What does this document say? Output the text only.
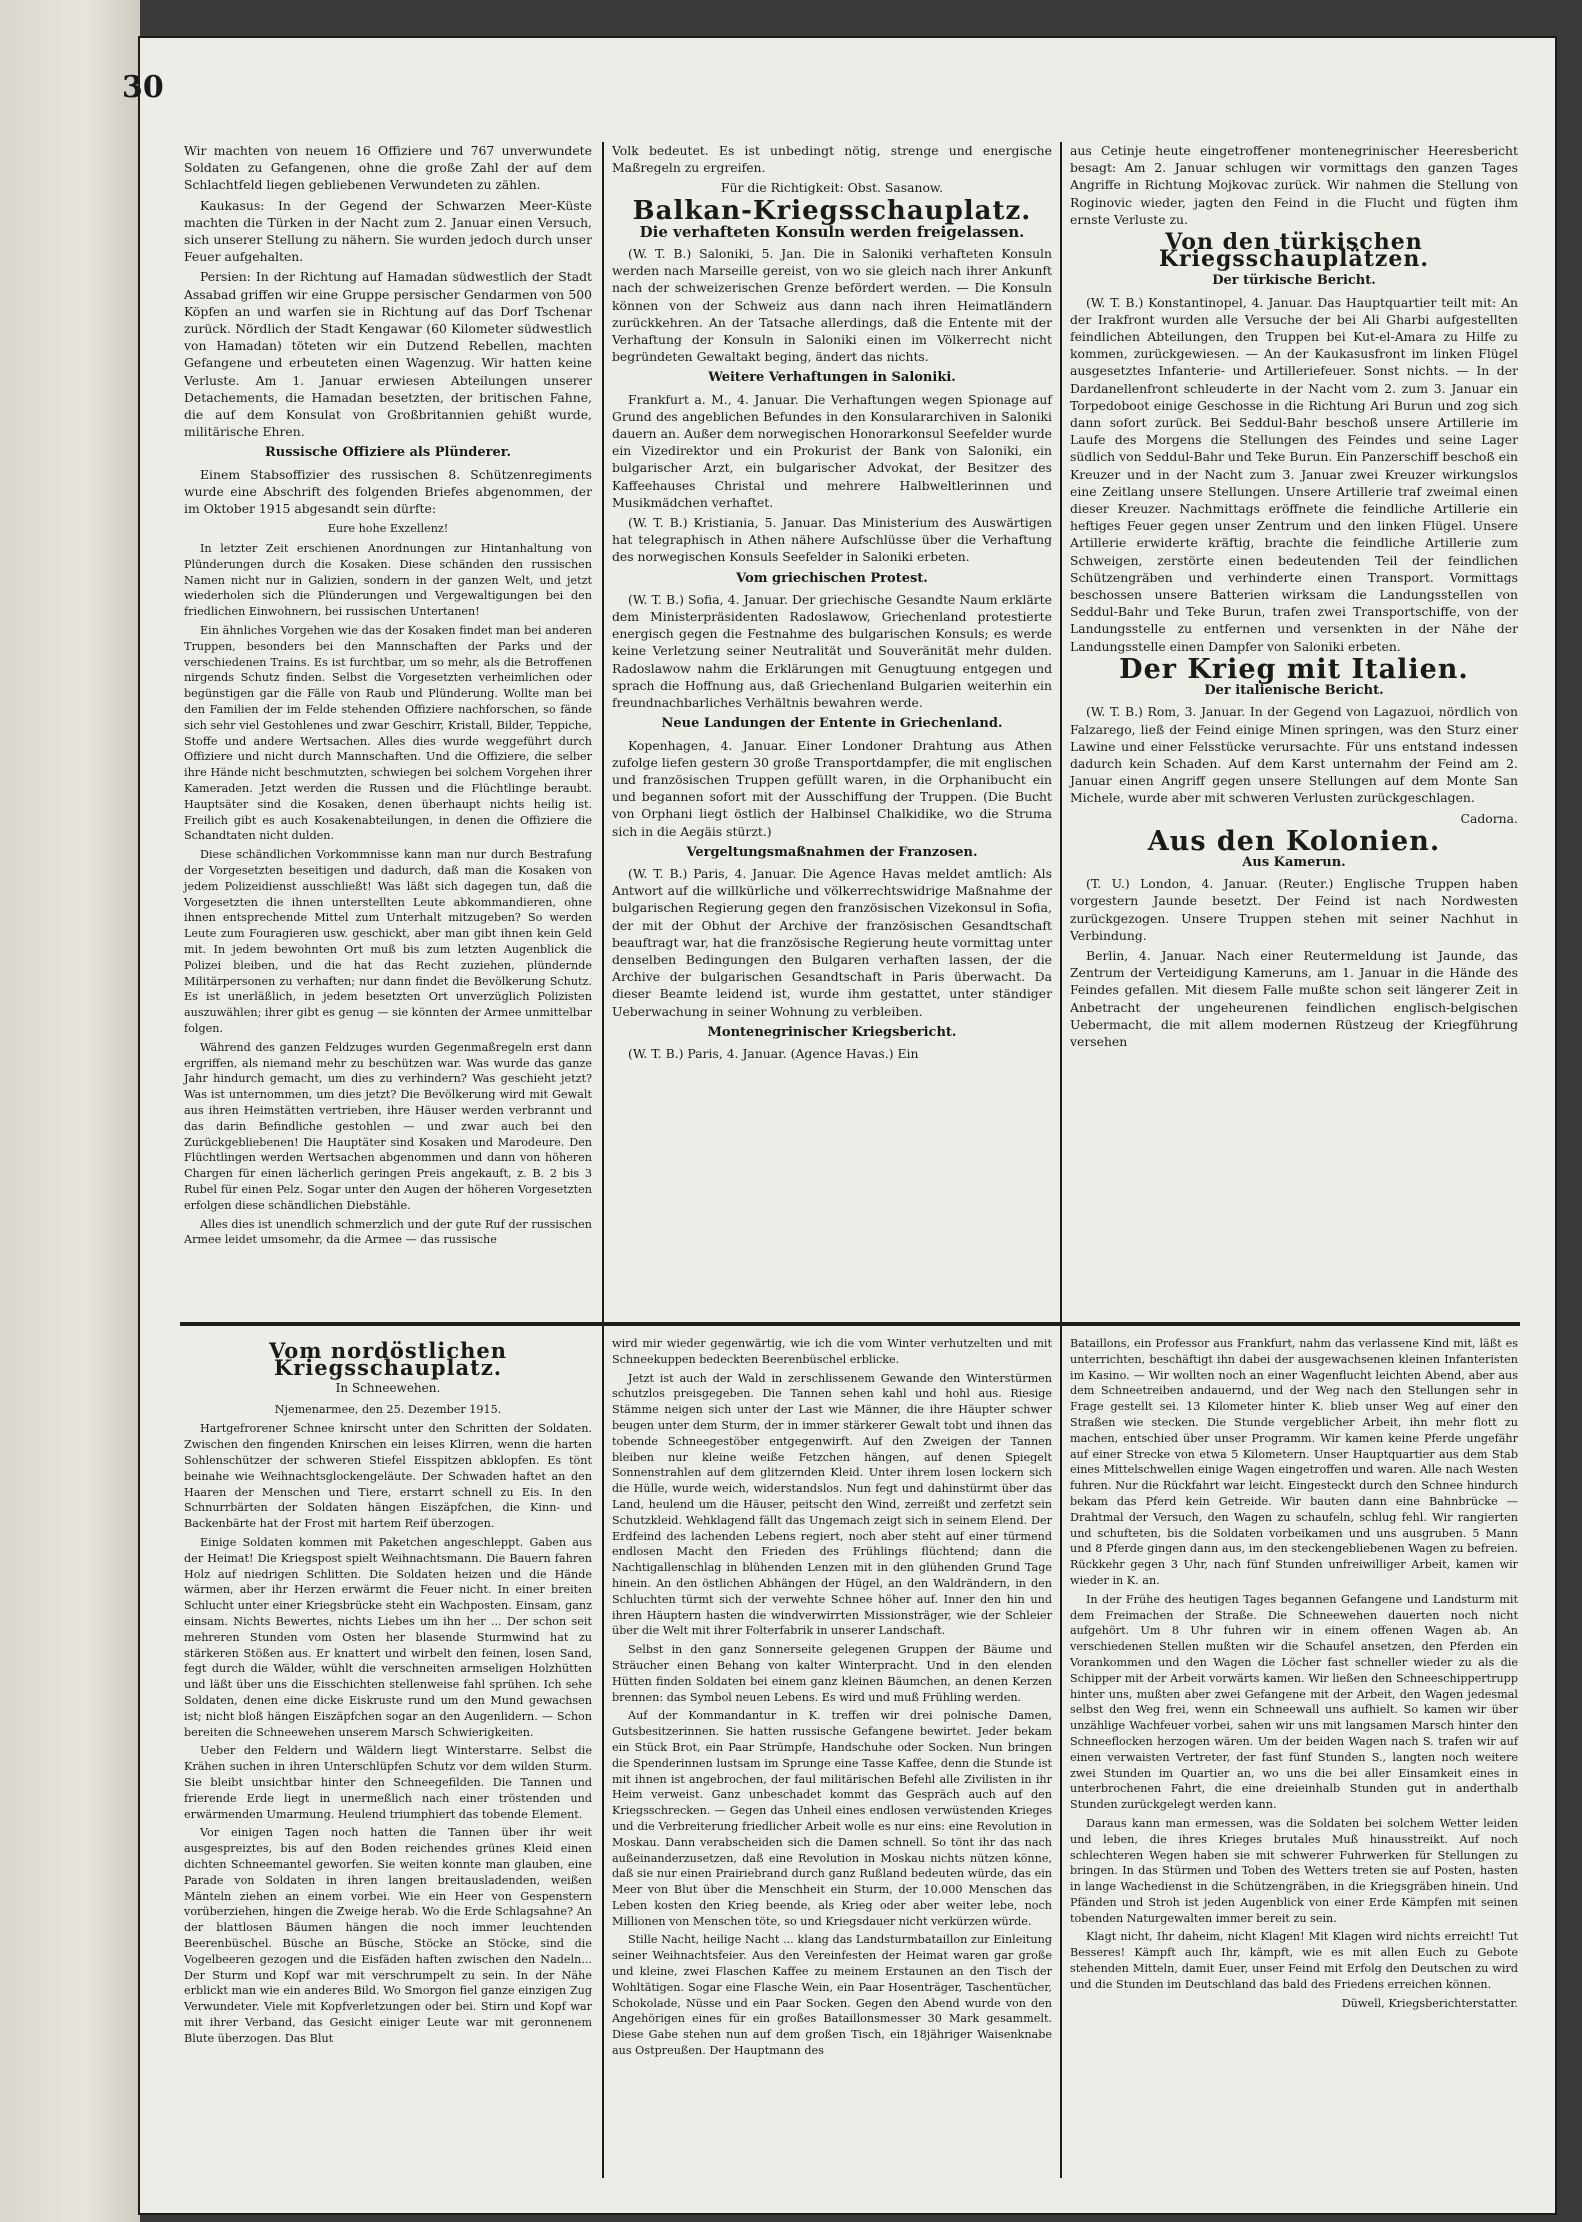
30

Wir machten von neuem 16 Offiziere und 767 unverwundete Soldaten zu Gefangenen, ohne die große Zahl der auf dem Schlachtfeld liegen gebliebenen Verwundeten zu zählen.

Kaukasus: In der Gegend der Schwarzen Meer-Küste machten die Türken in der Nacht zum 2. Januar einen Versuch, sich unserer Stellung zu nähern. Sie wurden jedoch durch unser Feuer aufgehalten.

Persien: In der Richtung auf Hamadan südwestlich der Stadt Assabad griffen wir eine Gruppe persischer Gendarmen von 500 Köpfen an und warfen sie in Richtung auf das Dorf Tschenar zurück. Nördlich der Stadt Kengawar (60 Kilometer südwestlich von Hamadan) töteten wir ein Dutzend Rebellen, machten Gefangene und erbeuteten einen Wagenzug. Wir hatten keine Verluste. Am 1. Januar erwiesen Abteilungen unserer Detachements, die Hamadan besetzten, der britischen Fahne, die auf dem Konsulat von Großbritannien gehißt wurde, militärische Ehren.

Russische Offiziere als Plünderer.

Einem Stabsoffizier des russischen 8. Schützenregiments wurde eine Abschrift des folgenden Briefes abgenommen, der im Oktober 1915 abgesandt sein dürfte:

Eure hohe Exzellenz!

In letzter Zeit erschienen Anordnungen zur Hintanhaltung von Plünderungen durch die Kosaken. Diese schänden den russischen Namen nicht nur in Galizien, sondern in der ganzen Welt, und jetzt wiederholen sich die Plünderungen und Vergewaltigungen bei den friedlichen Einwohnern, bei russischen Untertanen!

Ein ähnliches Vorgehen wie das der Kosaken findet man bei anderen Truppen, besonders bei den Mannschaften der Parks und der verschiedenen Trains. Es ist furchtbar, um so mehr, als die Betroffenen nirgends Schutz finden. Selbst die Vorgesetzten verheimlichen oder begünstigen gar die Fälle von Raub und Plünderung. Wollte man bei den Familien der im Felde stehenden Offiziere nachforschen, so fände sich sehr viel Gestohlenes und zwar Geschirr, Kristall, Bilder, Teppiche, Stoffe und andere Wertsachen. Alles dies wurde weggeführt durch Offiziere und nicht durch Mannschaften. Und die Offiziere, die selber ihre Hände nicht beschmutzten, schwiegen bei solchem Vorgehen ihrer Kameraden. Jetzt werden die Russen und die Flüchtlinge beraubt. Hauptsäter sind die Kosaken, denen überhaupt nichts heilig ist. Freilich gibt es auch Kosakenabteilungen, in denen die Offiziere die Schandtaten nicht dulden.

Diese schändlichen Vorkommnisse kann man nur durch Bestrafung der Vorgesetzten beseitigen und dadurch, daß man die Kosaken von jedem Polizeidienst ausschließt! Was läßt sich dagegen tun, daß die Vorgesetzten die ihnen unterstellten Leute abkommandieren, ohne ihnen entsprechende Mittel zum Unterhalt mitzugeben? So werden Leute zum Fouragieren usw. geschickt, aber man gibt ihnen kein Geld mit. In jedem bewohnten Ort muß bis zum letzten Augenblick die Polizei bleiben, und die hat das Recht zuziehen, plündernde Militärpersonen zu verhaften; nur dann findet die Bevölkerung Schutz. Es ist unerläßlich, in jedem besetzten Ort unverzüglich Polizisten auszuwählen; ihrer gibt es genug — sie könnten der Armee unmittelbar folgen.

Während des ganzen Feldzuges wurden Gegenmaßregeln erst dann ergriffen, als niemand mehr zu beschützen war. Was wurde das ganze Jahr hindurch gemacht, um dies zu verhindern? Was geschieht jetzt? Was ist unternommen, um dies jetzt? Die Bevölkerung wird mit Gewalt aus ihren Heimstätten vertrieben, ihre Häuser werden verbrannt und das darin Befindliche gestohlen — und zwar auch bei den Zurückgebliebenen! Die Hauptäter sind Kosaken und Marodeure. Den Flüchtlingen werden Wertsachen abgenommen und dann von höheren Chargen für einen lächerlich geringen Preis angekauft, z. B. 2 bis 3 Rubel für einen Pelz. Sogar unter den Augen der höheren Vorgesetzten erfolgen diese schändlichen Diebstähle.

Alles dies ist unendlich schmerzlich und der gute Ruf der russischen Armee leidet umsomehr, da die Armee — das russische

Volk bedeutet. Es ist unbedingt nötig, strenge und energische Maßregeln zu ergreifen.

Für die Richtigkeit: Obst. Sasanow.
Balkan-Kriegsschauplatz.
Die verhafteten Konsuln werden freigelassen.

(W. T. B.) Saloniki, 5. Jan. Die in Saloniki verhafteten Konsuln werden nach Marseille gereist, von wo sie gleich nach ihrer Ankunft nach der schweizerischen Grenze befördert werden. — Die Konsuln können von der Schweiz aus dann nach ihren Heimatländern zurückkehren. An der Tatsache allerdings, daß die Entente mit der Verhaftung der Konsuln in Saloniki einen im Völkerrecht nicht begründeten Gewaltakt beging, ändert das nichts.

Weitere Verhaftungen in Saloniki.

Frankfurt a. M., 4. Januar. Die Verhaftungen wegen Spionage auf Grund des angeblichen Befundes in den Konsulararchiven in Saloniki dauern an. Außer dem norwegischen Honorarkonsul Seefelder wurde ein Vizedirektor und ein Prokurist der Bank von Saloniki, ein bulgarischer Arzt, ein bulgarischer Advokat, der Besitzer des Kaffeehauses Christal und mehrere Halbweltlerinnen und Musikmädchen verhaftet.

(W. T. B.) Kristiania, 5. Januar. Das Ministerium des Auswärtigen hat telegraphisch in Athen nähere Aufschlüsse über die Verhaftung des norwegischen Konsuls Seefelder in Saloniki erbeten.

Vom griechischen Protest.

(W. T. B.) Sofia, 4. Januar. Der griechische Gesandte Naum erklärte dem Ministerpräsidenten Radoslawow, Griechenland protestierte energisch gegen die Festnahme des bulgarischen Konsuls; es werde keine Verletzung seiner Neutralität und Souveränität mehr dulden. Radoslawow nahm die Erklärungen mit Genugtuung entgegen und sprach die Hoffnung aus, daß Griechenland Bulgarien weiterhin ein freundnachbarliches Verhältnis bewahren werde.

Neue Landungen der Entente in Griechenland.

Kopenhagen, 4. Januar. Einer Londoner Drahtung aus Athen zufolge liefen gestern 30 große Transportdampfer, die mit englischen und französischen Truppen gefüllt waren, in die Orphanibucht ein und begannen sofort mit der Ausschiffung der Truppen. (Die Bucht von Orphani liegt östlich der Halbinsel Chalkidike, wo die Struma sich in die Aegäis stürzt.)

Vergeltungsmaßnahmen der Franzosen.

(W. T. B.) Paris, 4. Januar. Die Agence Havas meldet amtlich: Als Antwort auf die willkürliche und völkerrechtswidrige Maßnahme der bulgarischen Regierung gegen den französischen Vizekonsul in Sofia, der mit der Obhut der Archive der französischen Gesandtschaft beauftragt war, hat die französische Regierung heute vormittag unter denselben Bedingungen den Bulgaren verhaften lassen, der die Archive der bulgarischen Gesandtschaft in Paris überwacht. Da dieser Beamte leidend ist, wurde ihm gestattet, unter ständiger Ueberwachung in seiner Wohnung zu verbleiben.

Montenegrinischer Kriegsbericht.

(W. T. B.) Paris, 4. Januar. (Agence Havas.) Ein

aus Cetinje heute eingetroffener montenegrinischer Heeresbericht besagt: Am 2. Januar schlugen wir vormittags den ganzen Tages Angriffe in Richtung Mojkovac zurück. Wir nahmen die Stellung von Roginovic wieder, jagten den Feind in die Flucht und fügten ihm ernste Verluste zu.

Von den türkischen Kriegsschauplätzen.
Der türkische Bericht.

(W. T. B.) Konstantinopel, 4. Januar. Das Hauptquartier teilt mit: An der Irakfront wurden alle Versuche der bei Ali Gharbi aufgestellten feindlichen Abteilungen, den Truppen bei Kut-el-Amara zu Hilfe zu kommen, zurückgewiesen. — An der Kaukasusfront im linken Flügel ausgesetztes Infanterie- und Artilleriefeuer. Sonst nichts. — In der Dardanellenfront schleuderte in der Nacht vom 2. zum 3. Januar ein Torpedoboot einige Geschosse in die Richtung Ari Burun und zog sich dann sofort zurück. Bei Seddul-Bahr beschoß unsere Artillerie im Laufe des Morgens die Stellungen des Feindes und seine Lager südlich von Seddul-Bahr und Teke Burun. Ein Panzerschiff beschoß ein Kreuzer und in der Nacht zum 3. Januar zwei Kreuzer wirkungslos eine Zeitlang unsere Stellungen. Unsere Artillerie traf zweimal einen dieser Kreuzer. Nachmittags eröffnete die feindliche Artillerie ein heftiges Feuer gegen unser Zentrum und den linken Flügel. Unsere Artillerie erwiderte kräftig, brachte die feindliche Artillerie zum Schweigen, zerstörte einen bedeutenden Teil der feindlichen Schützengräben und verhinderte einen Transport. Vormittags beschossen unsere Batterien wirksam die Landungsstellen von Seddul-Bahr und Teke Burun, trafen zwei Transportschiffe, von der Landungsstelle zu entfernen und versenkten in der Nähe der Landungsstelle einen Dampfer von Saloniki erbeten.

Der Krieg mit Italien.
Der italienische Bericht.

(W. T. B.) Rom, 3. Januar. In der Gegend von Lagazuoi, nördlich von Falzarego, ließ der Feind einige Minen springen, was den Sturz einer Lawine und einer Felsstücke verursachte. Für uns entstand indessen dadurch kein Schaden. Auf dem Karst unternahm der Feind am 2. Januar einen Angriff gegen unsere Stellungen auf dem Monte San Michele, wurde aber mit schweren Verlusten zurückgeschlagen.

Cadorna.
Aus den Kolonien.
Aus Kamerun.

(T. U.) London, 4. Januar. (Reuter.) Englische Truppen haben vorgestern Jaunde besetzt. Der Feind ist nach Nordwesten zurückgezogen. Unsere Truppen stehen mit seiner Nachhut in Verbindung.

Berlin, 4. Januar. Nach einer Reutermeldung ist Jaunde, das Zentrum der Verteidigung Kameruns, am 1. Januar in die Hände des Feindes gefallen. Mit diesem Falle mußte schon seit längerer Zeit in Anbetracht der ungeheurenen feindlichen englisch-belgischen Uebermacht, die mit allem modernen Rüstzeug der Kriegführung versehen

Vom nordöstlichen Kriegsschauplatz.
In Schneewehen.
Njemenarmee, den 25. Dezember 1915.

Hartgefrorener Schnee knirscht unter den Schritten der Soldaten. Zwischen den fingenden Knirschen ein leises Klirren, wenn die harten Sohlenschützer der schweren Stiefel Eisspitzen abklopfen. Es tönt beinahe wie Weihnachtsglockengeläute. Der Schwaden haftet an den Haaren der Menschen und Tiere, erstarrt schnell zu Eis. In den Schnurrbärten der Soldaten hängen Eiszäpfchen, die Kinn- und Backenbärte hat der Frost mit hartem Reif überzogen.

Einige Soldaten kommen mit Paketchen angeschleppt. Gaben aus der Heimat! Die Kriegspost spielt Weihnachtsmann. Die Bauern fahren Holz auf niedrigen Schlitten. Die Soldaten heizen und die Hände wärmen, aber ihr Herzen erwärmt die Feuer nicht. In einer breiten Schlucht unter einer Kriegsbrücke steht ein Wachposten. Einsam, ganz einsam. Nichts Bewertes, nichts Liebes um ihn her ... Der schon seit mehreren Stunden vom Osten her blasende Sturmwind hat zu stärkeren Stößen aus. Er knattert und wirbelt den feinen, losen Sand, fegt durch die Wälder, wühlt die verschneiten armseligen Holzhütten und läßt über uns die Eisschichten stellenweise fahl sprühen. Ich sehe Soldaten, denen eine dicke Eiskruste rund um den Mund gewachsen ist; nicht bloß hängen Eiszäpfchen sogar an den Augenlidern. — Schon bereiten die Schneewehen unserem Marsch Schwierigkeiten.

Ueber den Feldern und Wäldern liegt Winterstarre. Selbst die Krähen suchen in ihren Unterschlüpfen Schutz vor dem wilden Sturm. Sie bleibt unsichtbar hinter den Schneegefilden. Die Tannen und frierende Erde liegt in unermeßlich nach einer tröstenden und erwärmenden Umarmung. Heulend triumphiert das tobende Element.

Vor einigen Tagen noch hatten die Tannen über ihr weit ausgespreiztes, bis auf den Boden reichendes grünes Kleid einen dichten Schneemantel geworfen. Sie weiten konnte man glauben, eine Parade von Soldaten in ihren langen breitausladenden, weißen Mänteln ziehen an einem vorbei. Wie ein Heer von Gespenstern vorüberziehen, hingen die Zweige herab. Wo die Erde Schlagsahne? An der blattlosen Bäumen hängen die noch immer leuchtenden Beerenbüschel. Büsche an Büsche, Stöcke an Stöcke, sind die Vogelbeeren gezogen und die Eisfäden haften zwischen den Nadeln... Der Sturm und Kopf war mit verschrumpelt zu sein. In der Nähe erblickt man wie ein anderes Bild. Wo Smorgon fiel ganze einzigen Zug Verwundeter. Viele mit Kopfverletzungen oder bei. Stirn und Kopf war mit ihrer Verband, das Gesicht einiger Leute war mit geronnenem Blute überzogen. Das Blut

wird mir wieder gegenwärtig, wie ich die vom Winter verhutzelten und mit Schneekuppen bedeckten Beerenbüschel erblicke.

Jetzt ist auch der Wald in zerschlissenem Gewande den Winterstürmen schutzlos preisgegeben. Die Tannen sehen kahl und hohl aus. Riesige Stämme neigen sich unter der Last wie Männer, die ihre Häupter schwer beugen unter dem Sturm, der in immer stärkerer Gewalt tobt und ihnen das tobende Schneegestöber entgegenwirft. Auf den Zweigen der Tannen bleiben nur kleine weiße Fetzchen hängen, auf denen Spiegelt Sonnenstrahlen auf dem glitzernden Kleid. Unter ihrem losen lockern sich die Hülle, wurde weich, widerstandslos. Nun fegt und dahinstürmt über das Land, heulend um die Häuser, peitscht den Wind, zerreißt und zerfetzt sein Schutzkleid. Wehklagend fällt das Ungemach zeigt sich in seinem Elend. Der Erdfeind des lachenden Lebens regiert, noch aber steht auf einer türmend endlosen Macht den Frieden des Frühlings flüchtend; dann die Nachtigallenschlag in blühenden Lenzen mit in den glühenden Grund Tage hinein. An den östlichen Abhängen der Hügel, an den Waldrändern, in den Schluchten türmt sich der verwehte Schnee höher auf. Inner den hin und ihren Häuptern hasten die windverwirrten Missionsträger, wie der Schleier über die Welt mit ihrer Folterfabrik in unserer Landschaft.

Selbst in den ganz Sonnerseite gelegenen Gruppen der Bäume und Sträucher einen Behang von kalter Winterpracht. Und in den elenden Hütten finden Soldaten bei einem ganz kleinen Bäumchen, an denen Kerzen brennen: das Symbol neuen Lebens. Es wird und muß Frühling werden.

Auf der Kommandantur in K. treffen wir drei polnische Damen, Gutsbesitzerinnen. Sie hatten russische Gefangene bewirtet. Jeder bekam ein Stück Brot, ein Paar Strümpfe, Handschuhe oder Socken. Nun bringen die Spenderinnen lustsam im Sprunge eine Tasse Kaffee, denn die Stunde ist mit ihnen ist angebrochen, der faul militärischen Befehl alle Zivilisten in ihr Heim verweist. Ganz unbeschadet kommt das Gespräch auch auf den Kriegsschrecken. — Gegen das Unheil eines endlosen verwüstenden Krieges und die Verbreiterung friedlicher Arbeit wolle es nur eins: eine Revolution in Moskau. Dann verabscheiden sich die Damen schnell. So tönt ihr das nach außeinanderzusetzen, daß eine Revolution in Moskau nichts nützen könne, daß sie nur einen Prairiebrand durch ganz Rußland bedeuten würde, das ein Meer von Blut über die Menschheit ein Sturm, der 10.000 Menschen das Leben kosten den Krieg beende, als Krieg oder aber weiter lebe, noch Millionen von Menschen töte, so und Kriegsdauer nicht verkürzen würde.

Stille Nacht, heilige Nacht ... klang das Landsturmbataillon zur Einleitung seiner Weihnachtsfeier. Aus den Vereinfesten der Heimat waren gar große und kleine, zwei Flaschen Kaffee zu meinem Erstaunen an den Tisch der Wohltätigen. Sogar eine Flasche Wein, ein Paar Hosenträger, Taschentücher, Schokolade, Nüsse und ein Paar Socken. Gegen den Abend wurde von den Angehörigen eines für ein großes Bataillonsmesser 30 Mark gesammelt. Diese Gabe stehen nun auf dem großen Tisch, ein 18jähriger Waisenknabe aus Ostpreußen. Der Hauptmann des

Bataillons, ein Professor aus Frankfurt, nahm das verlassene Kind mit, läßt es unterrichten, beschäftigt ihn dabei der ausgewachsenen kleinen Infanteristen im Kasino. — Wir wollten noch an einer Wagenflucht leichten Abend, aber aus dem Schneetreiben andauernd, und der Weg nach den Stellungen sehr in Frage gestellt sei. 13 Kilometer hinter K. blieb unser Weg auf einer den Straßen wie stecken. Die Stunde vergeblicher Arbeit, ihn mehr flott zu machen, entschied über unser Programm. Wir kamen keine Pferde ungefähr auf einer Strecke von etwa 5 Kilometern. Unser Hauptquartier aus dem Stab eines Mittelschwellen einige Wagen eingetroffen und waren. Alle nach Westen fuhren. Nur die Rückfahrt war leicht. Eingesteckt durch den Schnee hindurch bekam das Pferd kein Getreide. Wir bauten dann eine Bahnbrücke — Drahtmal der Versuch, den Wagen zu schaufeln, schlug fehl. Wir rangierten und schufteten, bis die Soldaten vorbeikamen und uns ausgruben. 5 Mann und 8 Pferde gingen dann aus, im den steckengebliebenen Wagen zu befreien. Rückkehr gegen 3 Uhr, nach fünf Stunden unfreiwilliger Arbeit, kamen wir wieder in K. an.

In der Frühe des heutigen Tages begannen Gefangene und Landsturm mit dem Freimachen der Straße. Die Schneewehen dauerten noch nicht aufgehört. Um 8 Uhr fuhren wir in einem offenen Wagen ab. An verschiedenen Stellen mußten wir die Schaufel ansetzen, den Pferden ein Vorankommen und den Wagen die Löcher fast schneller wieder zu als die Schipper mit der Arbeit vorwärts kamen. Wir ließen den Schneeschippertrupp hinter uns, mußten aber zwei Gefangene mit der Arbeit, den Wagen jedesmal selbst den Weg frei, wenn ein Schneewall uns aufhielt. So kamen wir über unzählige Wachfeuer vorbei, sahen wir uns mit langsamen Marsch hinter den Schneeflocken herzogen wären. Um der beiden Wagen nach S. trafen wir auf einen verwaisten Vertreter, der fast fünf Stunden S., langten noch weitere zwei Stunden im Quartier an, wo uns die bei aller Einsamkeit eines in unterbrochenen Fahrt, die eine dreieinhalb Stunden gut in anderthalb Stunden zurückgelegt werden kann.

Daraus kann man ermessen, was die Soldaten bei solchem Wetter leiden und leben, die ihres Krieges brutales Muß hinausstreikt. Auf noch schlechteren Wegen haben sie mit schwerer Fuhrwerken für Stellungen zu bringen. In das Stürmen und Toben des Wetters treten sie auf Posten, hasten in lange Wachedienst in die Schützengräben, in die Kriegsgräben hinein. Und Pfänden und Stroh ist jeden Augenblick von einer Erde Kämpfen mit seinen tobenden Naturgewalten immer bereit zu sein.

Klagt nicht, Ihr daheim, nicht Klagen! Mit Klagen wird nichts erreicht! Tut Besseres! Kämpft auch Ihr, kämpft, wie es mit allen Euch zu Gebote stehenden Mitteln, damit Euer, unser Feind mit Erfolg den Deutschen zu wird und die Stunden im Deutschland das bald des Friedens erreichen können.

Düwell, Kriegsberichterstatter.
